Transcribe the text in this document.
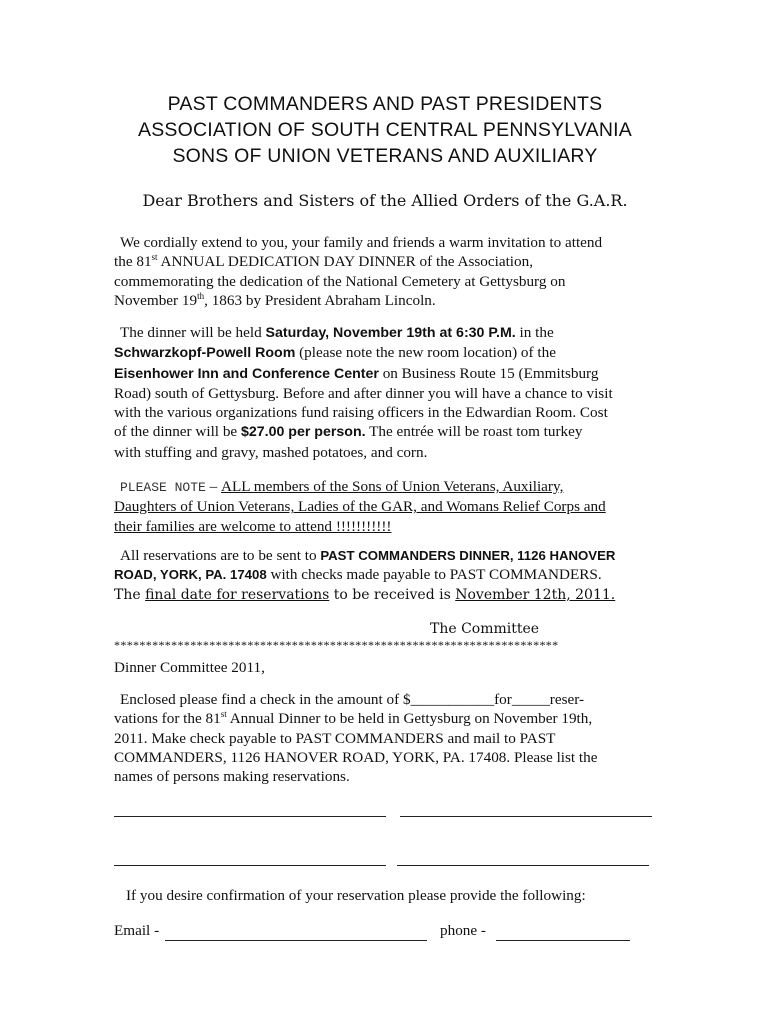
PAST COMMANDERS AND PAST PRESIDENTS
ASSOCIATION OF SOUTH CENTRAL PENNSYLVANIA
SONS OF UNION VETERANS AND AUXILIARY

Dear Brothers and Sisters of the Allied Orders of the G.A.R.

We cordially extend to you, your family and friends a warm invitation to attend
the 81st ANNUAL DEDICATION DAY DINNER of the Association,
commemorating the dedication of the National Cemetery at Gettysburg on
November 19th, 1863 by President Abraham Lincoln.

The dinner will be held Saturday, November 19th at 6:30 P.M. in the
Schwarzkopf-Powell Room (please note the new room location) of the
Eisenhower Inn and Conference Center on Business Route 15 (Emmitsburg
Road) south of Gettysburg. Before and after dinner you will have a chance to visit
with the various organizations fund raising officers in the Edwardian Room. Cost
of the dinner will be $27.00 per person. The entrée will be roast tom turkey
with stuffing and gravy, mashed potatoes, and corn.

PLEASE NOTE – ALL members of the Sons of Union Veterans, Auxiliary,
Daughters of Union Veterans, Ladies of the GAR, and Womans Relief Corps and
their families are welcome to attend !!!!!!!!!!!

All reservations are to be sent to PAST COMMANDERS DINNER, 1126 HANOVER
ROAD, YORK, PA. 17408 with checks made payable to PAST COMMANDERS.
The final date for reservations to be received is November 12th, 2011.

The Committee

**********************************************************************

Dinner Committee 2011,

Enclosed please find a check in the amount of $___________for_____reser-
vations for the 81st Annual Dinner to be held in Gettysburg on November 19th,
2011. Make check payable to PAST COMMANDERS and mail to PAST
COMMANDERS, 1126 HANOVER ROAD, YORK, PA. 17408. Please list the
names of persons making reservations.

If you desire confirmation of your reservation please provide the following:

Email -	phone -
